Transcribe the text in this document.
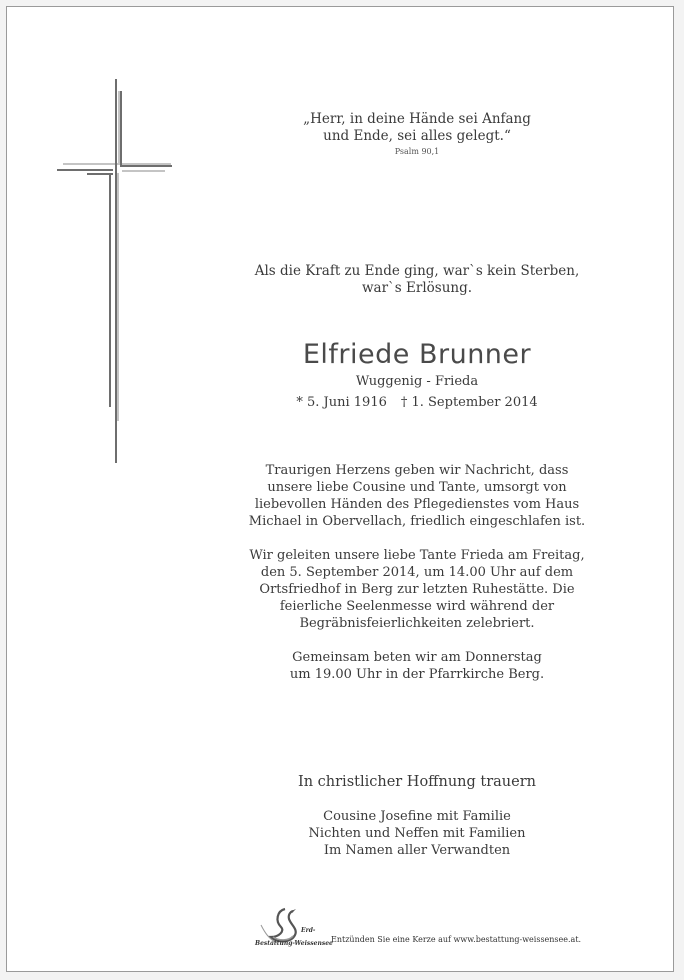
„Herr, in deine Hände sei Anfang
und Ende, sei alles gelegt.“
Psalm 90,1
Als die Kraft zu Ende ging, war`s kein Sterben,
war`s Erlösung.
Elfriede Brunner
Wuggenig - Frieda
* 5. Juni 1916 † 1. September 2014

Traurigen Herzens geben wir Nachricht, dass
unsere liebe Cousine und Tante, umsorgt von
liebevollen Händen des Pflegedienstes vom Haus
Michael in Obervellach, friedlich eingeschlafen ist.

Wir geleiten unsere liebe Tante Frieda am Freitag,
den 5. September 2014, um 14.00 Uhr auf dem
Ortsfriedhof in Berg zur letzten Ruhestätte. Die
feierliche Seelenmesse wird während der
Begräbnisfeierlichkeiten zelebriert.

Gemeinsam beten wir am Donnerstag
um 19.00 Uhr in der Pfarrkirche Berg.

In christlicher Hoffnung trauern
Cousine Josefine mit Familie
Nichten und Neffen mit Familien
Im Namen aller Verwandten
Erd-
Bestattung-Weissensee
Entzünden Sie eine Kerze auf www.bestattung-weissensee.at.
